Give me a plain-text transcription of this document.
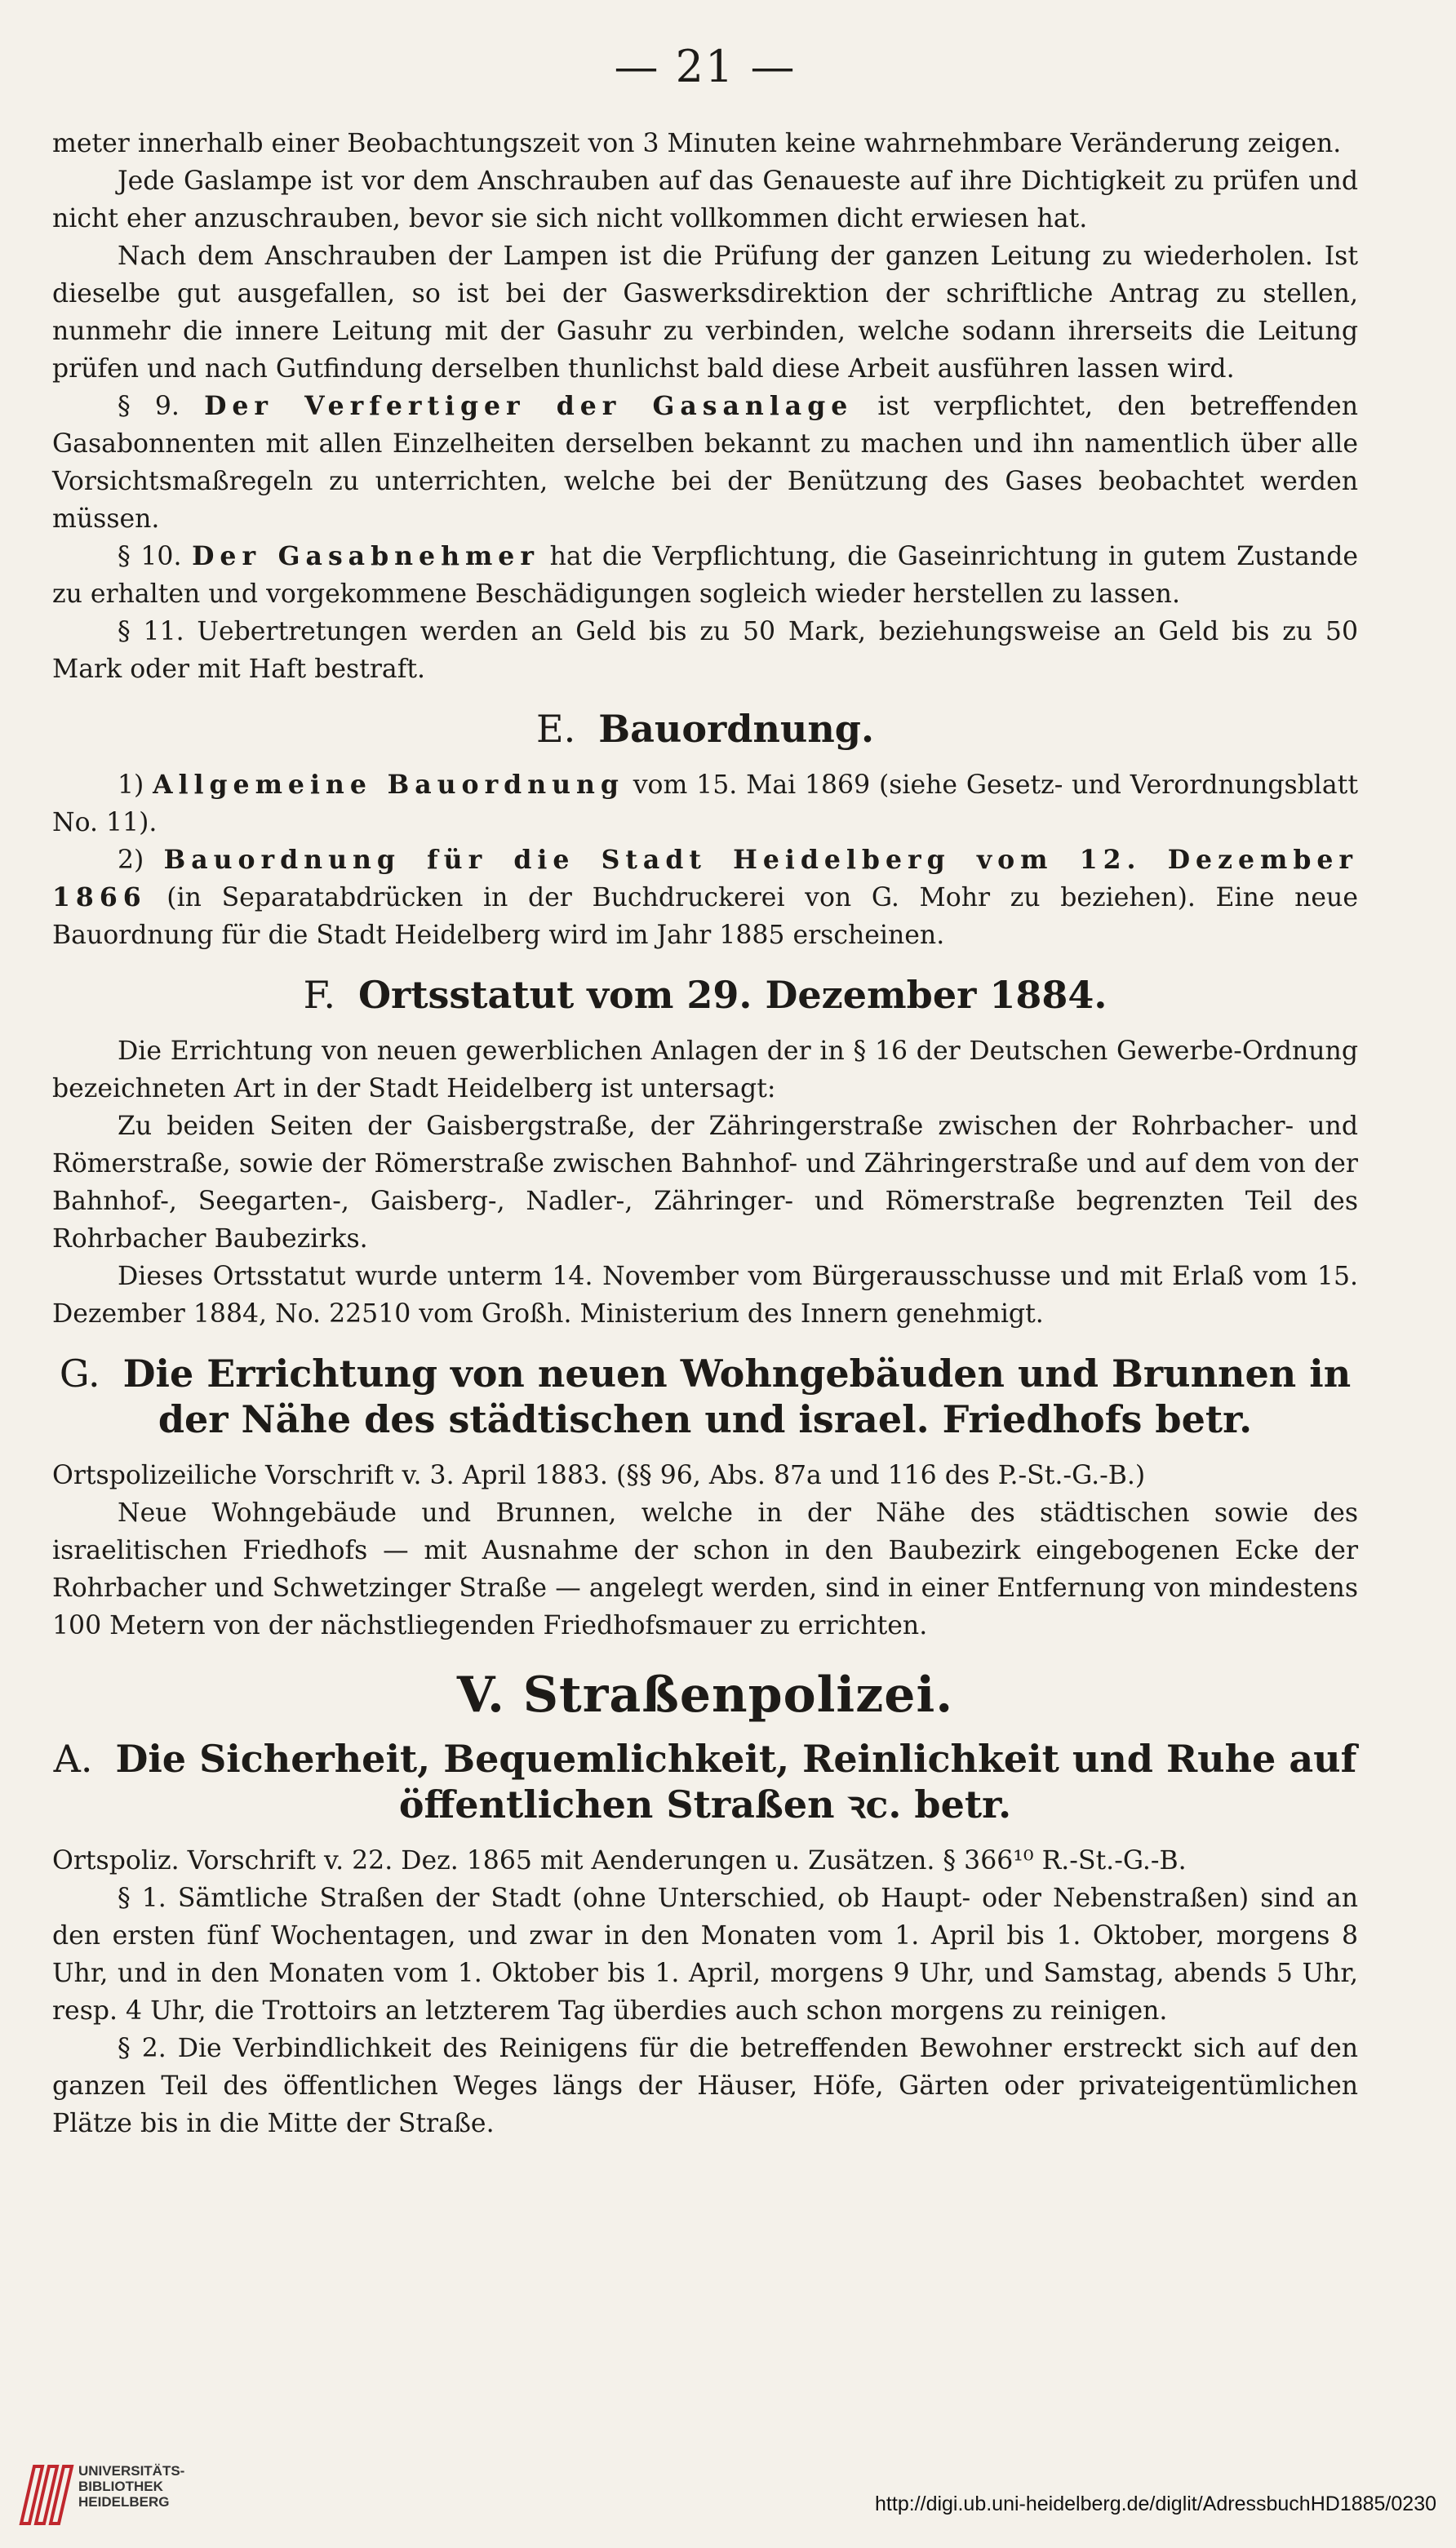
— 21 —

meter innerhalb einer Beobachtungszeit von 3 Minuten keine wahrnehmbare Veränderung zeigen.

Jede Gaslampe ist vor dem Anschrauben auf das Genaueste auf ihre Dichtigkeit zu prüfen und nicht eher anzuschrauben, bevor sie sich nicht vollkommen dicht erwiesen hat.

Nach dem Anschrauben der Lampen ist die Prüfung der ganzen Leitung zu wiederholen. Ist dieselbe gut ausgefallen, so ist bei der Gaswerksdirektion der schriftliche Antrag zu stellen, nunmehr die innere Leitung mit der Gasuhr zu verbinden, welche sodann ihrerseits die Leitung prüfen und nach Gutfindung derselben thunlichst bald diese Arbeit ausführen lassen wird.

§ 9. Der Verfertiger der Gasanlage ist verpflichtet, den betreffenden Gasabonnenten mit allen Einzelheiten derselben bekannt zu machen und ihn namentlich über alle Vorsichtsmaßregeln zu unterrichten, welche bei der Benützung des Gases beobachtet werden müssen.

§ 10. Der Gasabnehmer hat die Verpflichtung, die Gaseinrichtung in gutem Zustande zu erhalten und vorgekommene Beschädigungen sogleich wieder herstellen zu lassen.

§ 11. Uebertretungen werden an Geld bis zu 50 Mark, beziehungsweise an Geld bis zu 50 Mark oder mit Haft bestraft.

E. Bauordnung.

1) Allgemeine Bauordnung vom 15. Mai 1869 (siehe Gesetz- und Verordnungsblatt No. 11).

2) Bauordnung für die Stadt Heidelberg vom 12. Dezember 1866 (in Separatabdrücken in der Buchdruckerei von G. Mohr zu beziehen). Eine neue Bauordnung für die Stadt Heidelberg wird im Jahr 1885 erscheinen.

F. Ortsstatut vom 29. Dezember 1884.

Die Errichtung von neuen gewerblichen Anlagen der in § 16 der Deutschen Gewerbe-Ordnung bezeichneten Art in der Stadt Heidelberg ist untersagt:

Zu beiden Seiten der Gaisbergstraße, der Zähringerstraße zwischen der Rohrbacher- und Römerstraße, sowie der Römerstraße zwischen Bahnhof- und Zähringerstraße und auf dem von der Bahnhof-, Seegarten-, Gaisberg-, Nadler-, Zähringer- und Römerstraße begrenzten Teil des Rohrbacher Baubezirks.

Dieses Ortsstatut wurde unterm 14. November vom Bürgerausschusse und mit Erlaß vom 15. Dezember 1884, No. 22510 vom Großh. Ministerium des Innern genehmigt.

G. Die Errichtung von neuen Wohngebäuden und Brunnen in der Nähe des städtischen und israel. Friedhofs betr.

Ortspolizeiliche Vorschrift v. 3. April 1883. (§§ 96, Abs. 87a und 116 des P.-St.-G.-B.)

Neue Wohngebäude und Brunnen, welche in der Nähe des städtischen sowie des israelitischen Friedhofs — mit Ausnahme der schon in den Baubezirk eingebogenen Ecke der Rohrbacher und Schwetzinger Straße — angelegt werden, sind in einer Entfernung von mindestens 100 Metern von der nächstliegenden Friedhofsmauer zu errichten.

V. Straßenpolizei.
A. Die Sicherheit, Bequemlichkeit, Reinlichkeit und Ruhe auf öffentlichen Straßen ꝛc. betr.

Ortspoliz. Vorschrift v. 22. Dez. 1865 mit Aenderungen u. Zusätzen. § 366¹⁰ R.-St.-G.-B.

§ 1. Sämtliche Straßen der Stadt (ohne Unterschied, ob Haupt- oder Nebenstraßen) sind an den ersten fünf Wochentagen, und zwar in den Monaten vom 1. April bis 1. Oktober, morgens 8 Uhr, und in den Monaten vom 1. Oktober bis 1. April, morgens 9 Uhr, und Samstag, abends 5 Uhr, resp. 4 Uhr, die Trottoirs an letzterem Tag überdies auch schon morgens zu reinigen.

§ 2. Die Verbindlichkeit des Reinigens für die betreffenden Bewohner erstreckt sich auf den ganzen Teil des öffentlichen Weges längs der Häuser, Höfe, Gärten oder privateigentümlichen Plätze bis in die Mitte der Straße.

UNIVERSITÄTS-
BIBLIOTHEK
HEIDELBERG	http://digi.ub.uni-heidelberg.de/diglit/AdressbuchHD1885/0230
